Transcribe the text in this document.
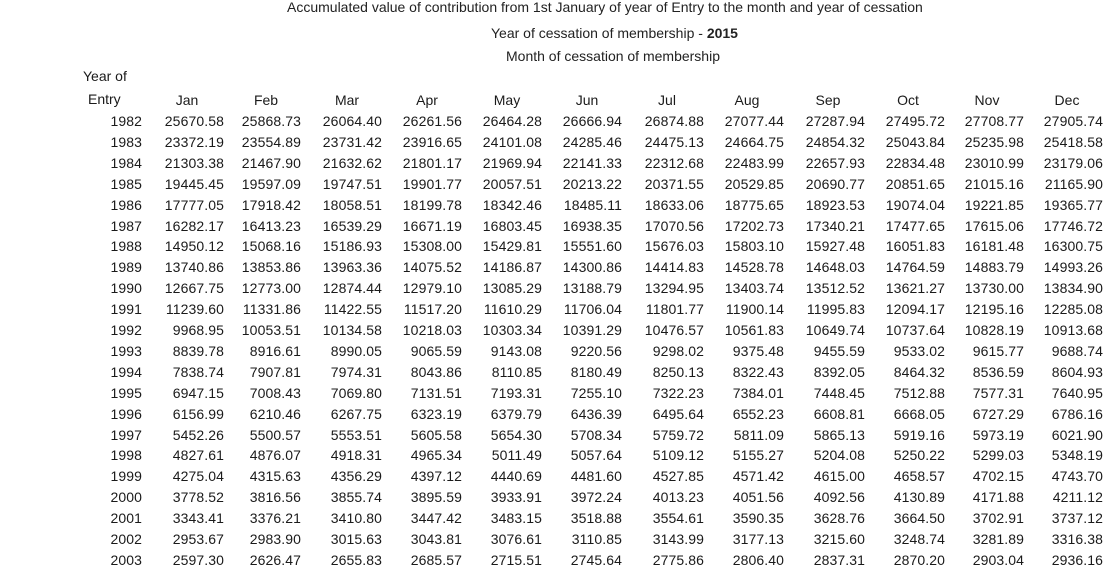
Accumulated value of contribution from 1st January of year of Entry to the month and year of cessation
Year of cessation of membership - 2015
Month of cessation of membership
Year of
Entry	Jan	Feb	Mar	Apr	May	Jun	Jul	Aug	Sep	Oct	Nov	Dec
1982	25670.58	25868.73	26064.40	26261.56	26464.28	26666.94	26874.88	27077.44	27287.94	27495.72	27708.77	27905.74
1983	23372.19	23554.89	23731.42	23916.65	24101.08	24285.46	24475.13	24664.75	24854.32	25043.84	25235.98	25418.58
1984	21303.38	21467.90	21632.62	21801.17	21969.94	22141.33	22312.68	22483.99	22657.93	22834.48	23010.99	23179.06
1985	19445.45	19597.09	19747.51	19901.77	20057.51	20213.22	20371.55	20529.85	20690.77	20851.65	21015.16	21165.90
1986	17777.05	17918.42	18058.51	18199.78	18342.46	18485.11	18633.06	18775.65	18923.53	19074.04	19221.85	19365.77
1987	16282.17	16413.23	16539.29	16671.19	16803.45	16938.35	17070.56	17202.73	17340.21	17477.65	17615.06	17746.72
1988	14950.12	15068.16	15186.93	15308.00	15429.81	15551.60	15676.03	15803.10	15927.48	16051.83	16181.48	16300.75
1989	13740.86	13853.86	13963.36	14075.52	14186.87	14300.86	14414.83	14528.78	14648.03	14764.59	14883.79	14993.26
1990	12667.75	12773.00	12874.44	12979.10	13085.29	13188.79	13294.95	13403.74	13512.52	13621.27	13730.00	13834.90
1991	11239.60	11331.86	11422.55	11517.20	11610.29	11706.04	11801.77	11900.14	11995.83	12094.17	12195.16	12285.08
1992	9968.95	10053.51	10134.58	10218.03	10303.34	10391.29	10476.57	10561.83	10649.74	10737.64	10828.19	10913.68
1993	8839.78	8916.61	8990.05	9065.59	9143.08	9220.56	9298.02	9375.48	9455.59	9533.02	9615.77	9688.74
1994	7838.74	7907.81	7974.31	8043.86	8110.85	8180.49	8250.13	8322.43	8392.05	8464.32	8536.59	8604.93
1995	6947.15	7008.43	7069.80	7131.51	7193.31	7255.10	7322.23	7384.01	7448.45	7512.88	7577.31	7640.95
1996	6156.99	6210.46	6267.75	6323.19	6379.79	6436.39	6495.64	6552.23	6608.81	6668.05	6727.29	6786.16
1997	5452.26	5500.57	5553.51	5605.58	5654.30	5708.34	5759.72	5811.09	5865.13	5919.16	5973.19	6021.90
1998	4827.61	4876.07	4918.31	4965.34	5011.49	5057.64	5109.12	5155.27	5204.08	5250.22	5299.03	5348.19
1999	4275.04	4315.63	4356.29	4397.12	4440.69	4481.60	4527.85	4571.42	4615.00	4658.57	4702.15	4743.70
2000	3778.52	3816.56	3855.74	3895.59	3933.91	3972.24	4013.23	4051.56	4092.56	4130.89	4171.88	4211.12
2001	3343.41	3376.21	3410.80	3447.42	3483.15	3518.88	3554.61	3590.35	3628.76	3664.50	3702.91	3737.12
2002	2953.67	2983.90	3015.63	3043.81	3076.61	3110.85	3143.99	3177.13	3215.60	3248.74	3281.89	3316.38
2003	2597.30	2626.47	2655.83	2685.57	2715.51	2745.64	2775.86	2806.40	2837.31	2870.20	2903.04	2936.16
